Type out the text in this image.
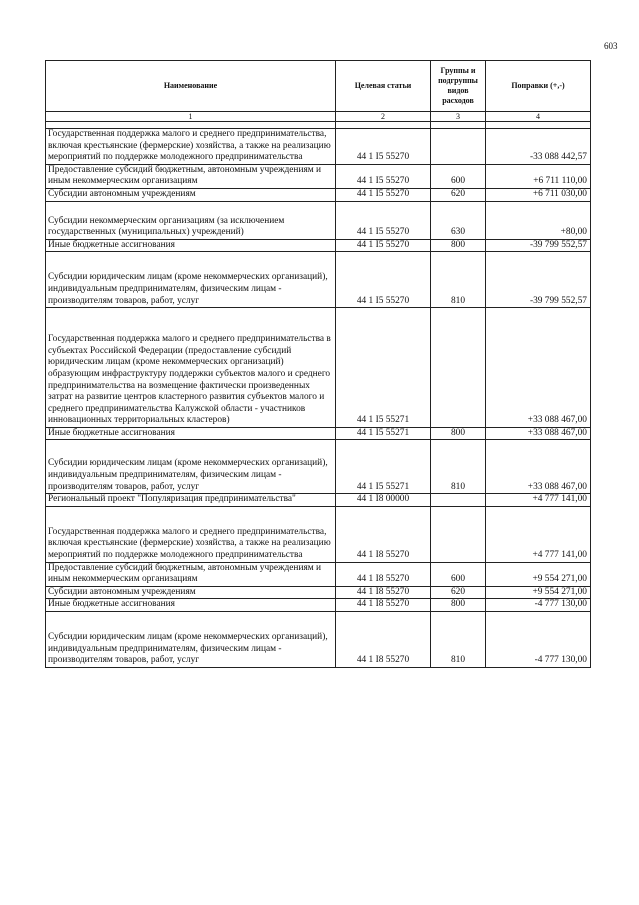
603
Наименование	Целевая статьи	Группы и подгруппы видов расходов	Поправки (+,-)
1	2	3	4

Государственная поддержка малого и среднего предпринимательства, включая крестьянские (фермерские) хозяйства, а также на реализацию мероприятий по поддержке молодежного предпринимательства	44 1 I5 55270		-33 088 442,57
Предоставление субсидий бюджетным, автономным учреждениям и иным некоммерческим организациям	44 1 I5 55270	600	+6 711 110,00
Субсидии автономным учреждениям	44 1 I5 55270	620	+6 711 030,00
Субсидии некоммерческим организациям (за исключением государственных (муниципальных) учреждений)	44 1 I5 55270	630	+80,00
Иные бюджетные ассигнования	44 1 I5 55270	800	-39 799 552,57
Субсидии юридическим лицам (кроме некоммерческих организаций), индивидуальным предпринимателям, физическим лицам - производителям товаров, работ, услуг	44 1 I5 55270	810	-39 799 552,57
Государственная поддержка малого и среднего предпринимательства в субъектах Российской Федерации (предоставление субсидий юридическим лицам (кроме некоммерческих организаций) образующим инфраструктуру поддержки субъектов малого и среднего предпринимательства на возмещение фактически произведенных затрат на развитие центров кластерного развития субъектов малого и среднего предпринимательства Калужской области - участников инновационных территориальных кластеров)	44 1 I5 55271		+33 088 467,00
Иные бюджетные ассигнования	44 1 I5 55271	800	+33 088 467,00
Субсидии юридическим лицам (кроме некоммерческих организаций), индивидуальным предпринимателям, физическим лицам - производителям товаров, работ, услуг	44 1 I5 55271	810	+33 088 467,00
Региональный проект "Популяризация предпринимательства"	44 1 I8 00000		+4 777 141,00
Государственная поддержка малого и среднего предпринимательства, включая крестьянские (фермерские) хозяйства, а также на реализацию мероприятий по поддержке молодежного предпринимательства	44 1 I8 55270		+4 777 141,00
Предоставление субсидий бюджетным, автономным учреждениям и иным некоммерческим организациям	44 1 I8 55270	600	+9 554 271,00
Субсидии автономным учреждениям	44 1 I8 55270	620	+9 554 271,00
Иные бюджетные ассигнования	44 1 I8 55270	800	-4 777 130,00
Субсидии юридическим лицам (кроме некоммерческих организаций), индивидуальным предпринимателям, физическим лицам - производителям товаров, работ, услуг	44 1 I8 55270	810	-4 777 130,00
